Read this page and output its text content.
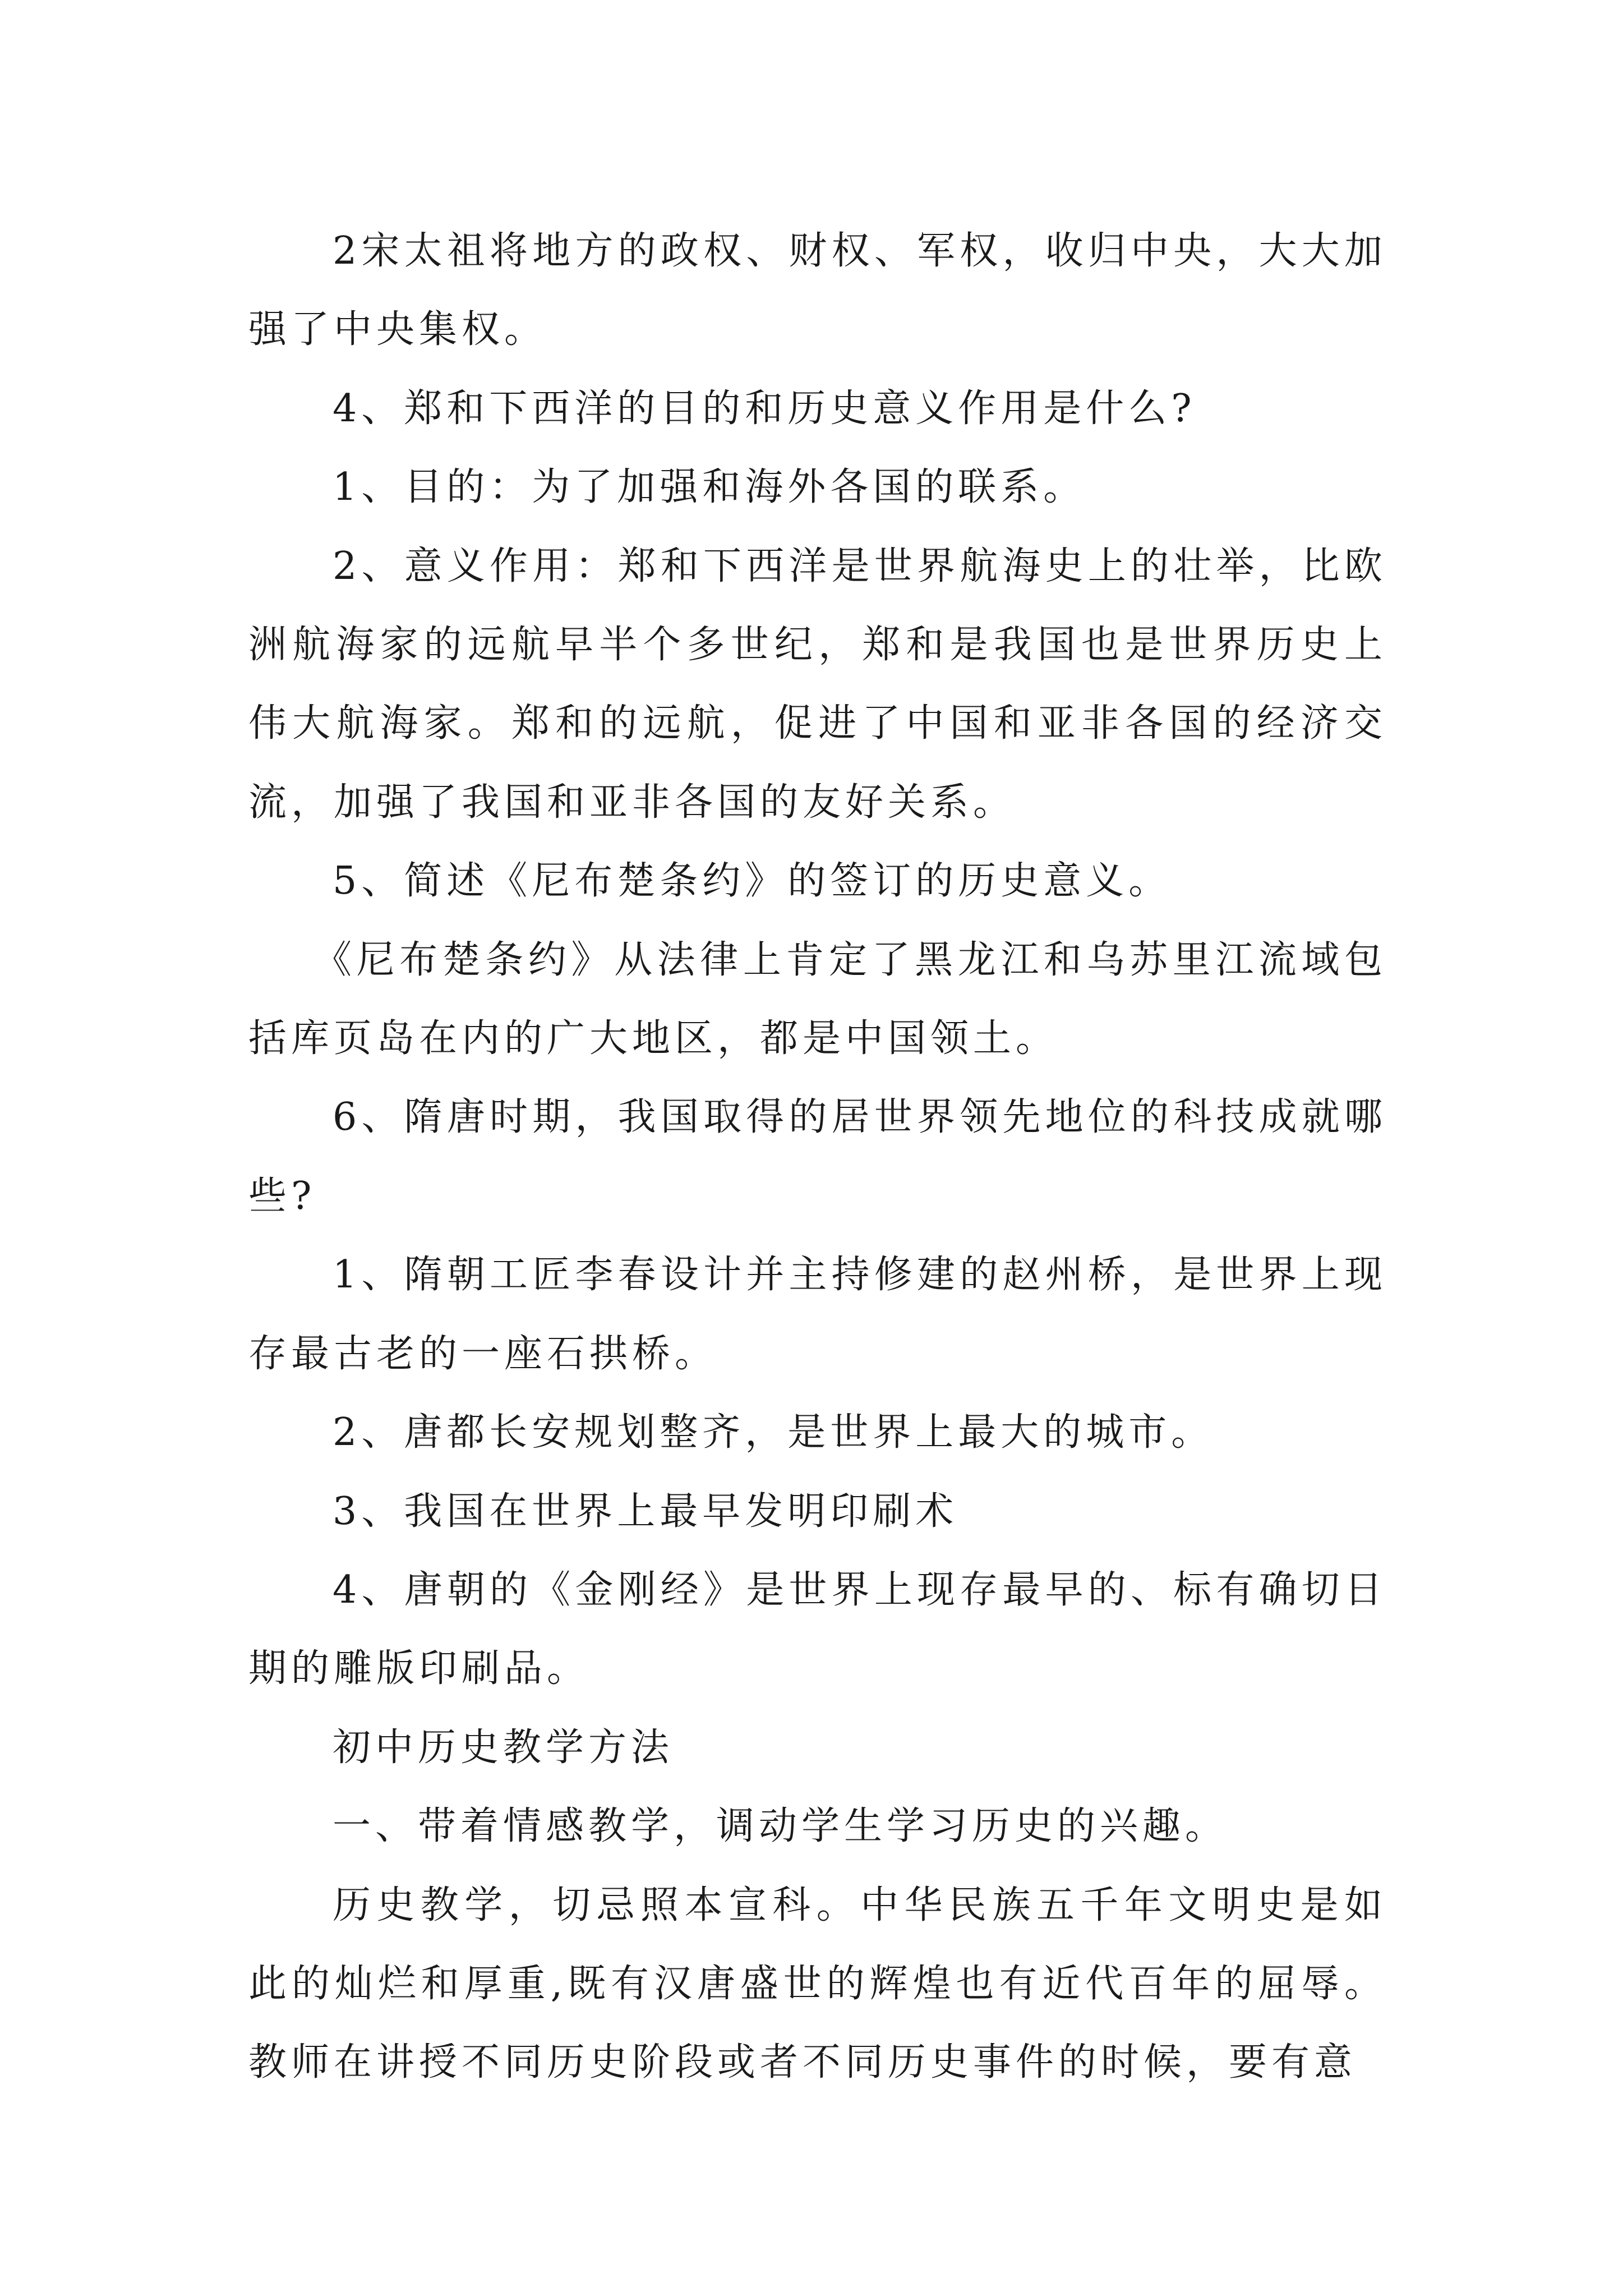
2宋太祖将地方的政权、财权、军权，收归中央，大大加强了中央集权。

4、郑和下西洋的目的和历史意义作用是什么?

1、目的：为了加强和海外各国的联系。

2、意义作用：郑和下西洋是世界航海史上的壮举，比欧洲航海家的远航早半个多世纪，郑和是我国也是世界历史上伟大航海家。郑和的远航，促进了中国和亚非各国的经济交流，加强了我国和亚非各国的友好关系。

5、简述《尼布楚条约》的签订的历史意义。

《尼布楚条约》从法律上肯定了黑龙江和乌苏里江流域包括库页岛在内的广大地区，都是中国领土。

6、隋唐时期，我国取得的居世界领先地位的科技成就哪些?

1、隋朝工匠李春设计并主持修建的赵州桥，是世界上现存最古老的一座石拱桥。

2、唐都长安规划整齐，是世界上最大的城市。

3、我国在世界上最早发明印刷术

4、唐朝的《金刚经》是世界上现存最早的、标有确切日期的雕版印刷品。

初中历史教学方法

一、带着情感教学，调动学生学习历史的兴趣。

历史教学，切忌照本宣科。中华民族五千年文明史是如此的灿烂和厚重,既有汉唐盛世的辉煌也有近代百年的屈辱。教师在讲授不同历史阶段或者不同历史事件的时候，要有意
